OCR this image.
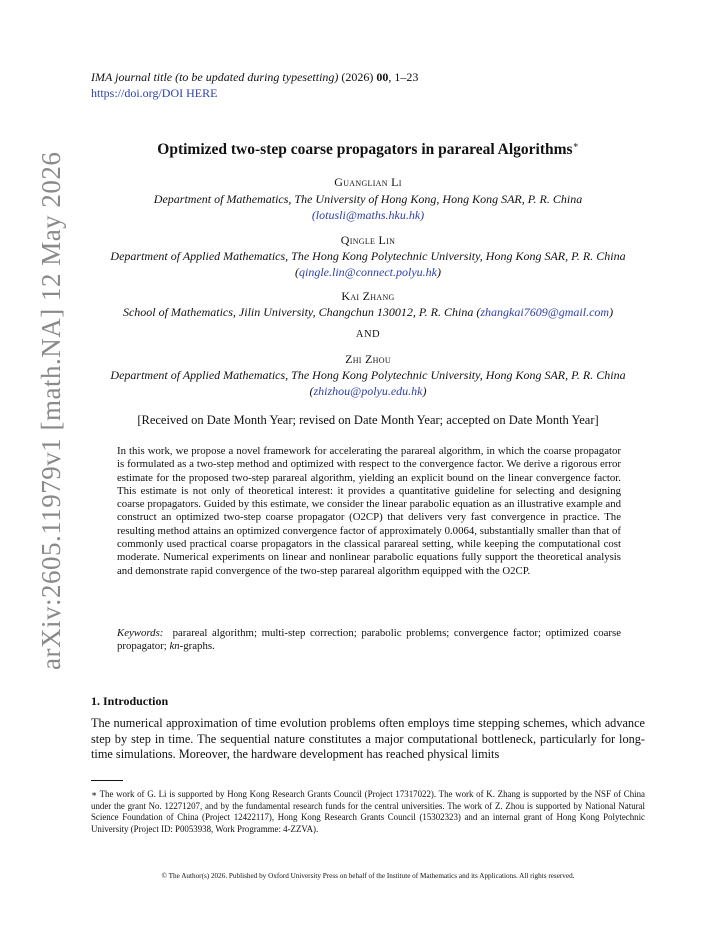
IMA journal title (to be updated during typesetting) (2026) 00, 1–23
https://doi.org/DOI HERE
arXiv:2605.11979v1 [math.NA] 12 May 2026
Optimized two-step coarse propagators in parareal Algorithms∗
Guanglian Li
Department of Mathematics, The University of Hong Kong, Hong Kong SAR, P. R. China
(lotusli@maths.hku.hk)
Qingle Lin
Department of Applied Mathematics, The Hong Kong Polytechnic University, Hong Kong SAR, P. R. China (qingle.lin@connect.polyu.hk)
Kai Zhang
School of Mathematics, Jilin University, Changchun 130012, P. R. China (zhangkai7609@gmail.com)
AND
Zhi Zhou
Department of Applied Mathematics, The Hong Kong Polytechnic University, Hong Kong SAR, P. R. China (zhizhou@polyu.edu.hk)
[Received on Date Month Year; revised on Date Month Year; accepted on Date Month Year]
In this work, we propose a novel framework for accelerating the parareal algorithm, in which the coarse propagator is formulated as a two-step method and optimized with respect to the convergence factor. We derive a rigorous error estimate for the proposed two-step parareal algorithm, yielding an explicit bound on the linear convergence factor. This estimate is not only of theoretical interest: it provides a quantitative guideline for selecting and designing coarse propagators. Guided by this estimate, we consider the linear parabolic equation as an illustrative example and construct an optimized two-step coarse propagator (O2CP) that delivers very fast convergence in practice. The resulting method attains an optimized convergence factor of approximately 0.0064, substantially smaller than that of commonly used practical coarse propagators in the classical parareal setting, while keeping the computational cost moderate. Numerical experiments on linear and nonlinear parabolic equations fully support the theoretical analysis and demonstrate rapid convergence of the two-step parareal algorithm equipped with the O2CP.
Keywords: parareal algorithm; multi-step correction; parabolic problems; convergence factor; optimized coarse propagator; kn-graphs.
1. Introduction
The numerical approximation of time evolution problems often employs time stepping schemes, which advance step by step in time. The sequential nature constitutes a major computational bottleneck, particularly for long-time simulations. Moreover, the hardware development has reached physical limits
∗ The work of G. Li is supported by Hong Kong Research Grants Council (Project 17317022). The work of K. Zhang is supported by the NSF of China under the grant No. 12271207, and by the fundamental research funds for the central universities. The work of Z. Zhou is supported by National Natural Science Foundation of China (Project 12422117), Hong Kong Research Grants Council (15302323) and an internal grant of Hong Kong Polytechnic University (Project ID: P0053938, Work Programme: 4-ZZVA).
© The Author(s) 2026. Published by Oxford University Press on behalf of the Institute of Mathematics and its Applications. All rights reserved.
